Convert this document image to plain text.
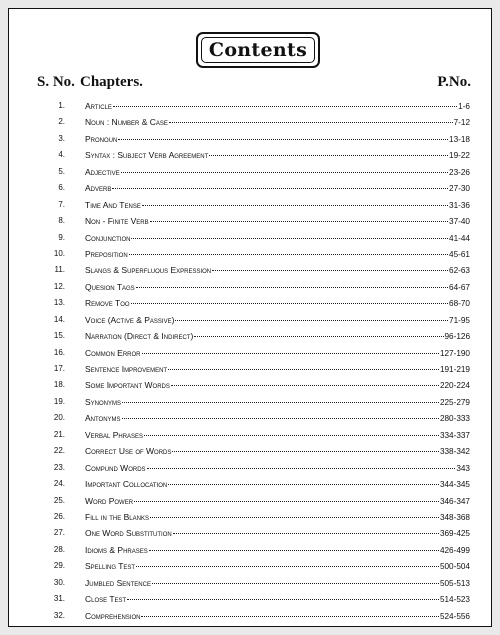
Contents
S. No. Chapters.	P.No.
1. Article	1-6
2. Noun : Number & Case	7-12
3. Pronoun	13-18
4. Syntax : Subject Verb Agreement	19-22
5. Adjective	23-26
6. Adverb	27-30
7. Time And Tense	31-36
8. Non - Finite Verb	37-40
9. Conjunction	41-44
10. Preposition	45-61
11. Slangs & Superfluous Expression	62-63
12. Quesion Tags	64-67
13. Remove Too	68-70
14. Voice (Active & Passive)	71-95
15. Narration (Direct & Indirect)	96-126
16. Common Error	127-190
17. Sentence Improvement	191-219
18. Some Important Words	220-224
19. Synonyms	225-279
20. Antonyms	280-333
21. Verbal Phrases	334-337
22. Correct Use of Words	338-342
23. Compund Words	343
24. Important Collocation	344-345
25. Word Power	346-347
26. Fill in the Blanks	348-368
27. One Word Substitution	369-425
28. Idioms & Phrases	426-499
29. Spelling Test	500-504
30. Jumbled Sentence	505-513
31. Close Test	514-523
32. Comprehension	524-556
